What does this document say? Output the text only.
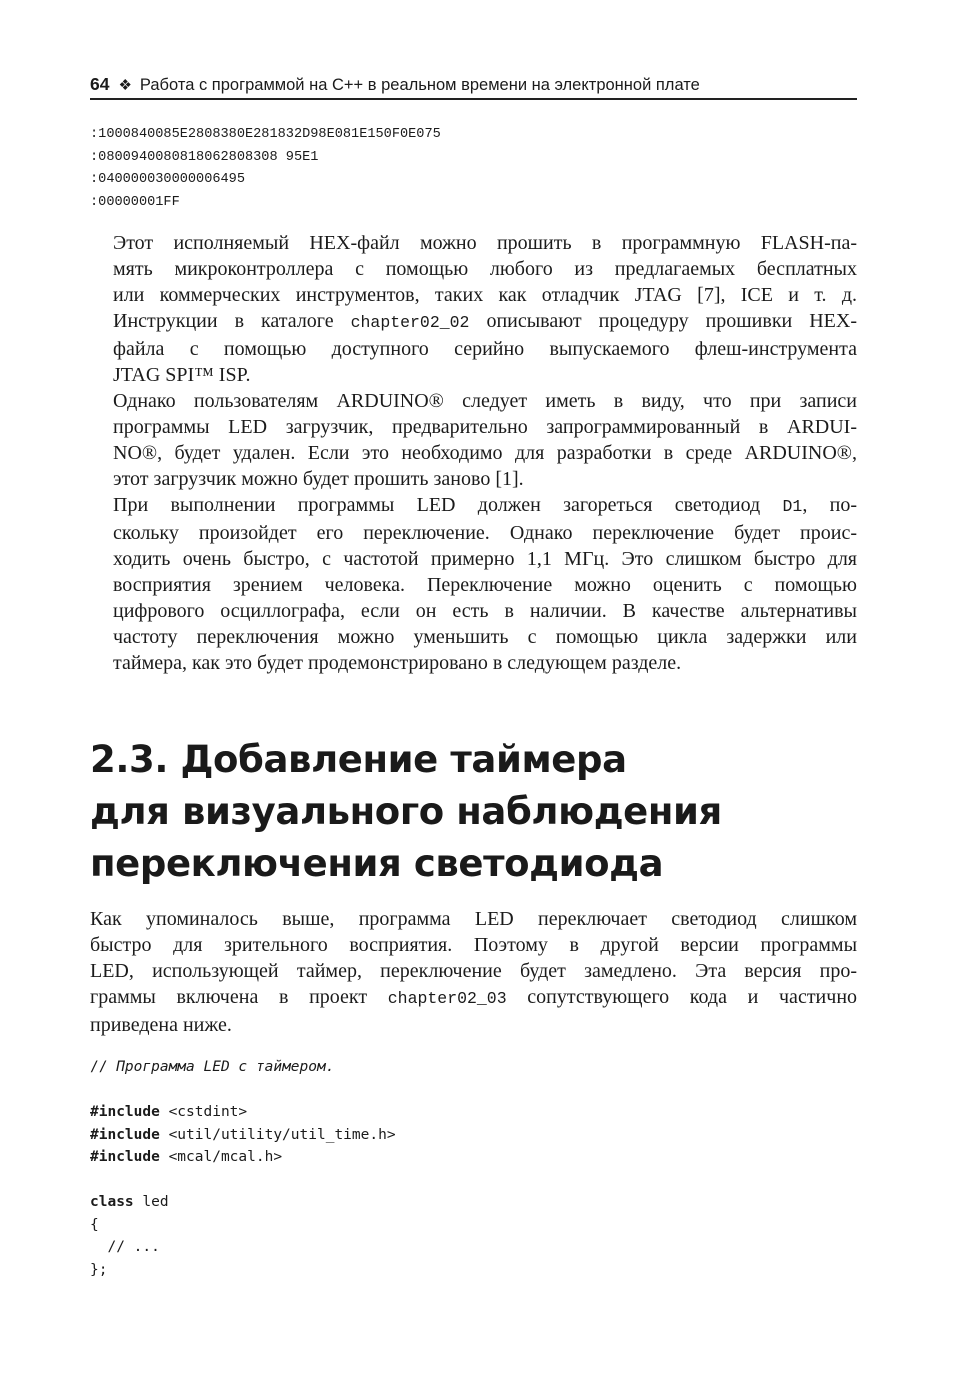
64 ❖ Работа с программой на C++ в реальном времени на электронной плате
:1000840085E2808380E281832D98E081E150F0E075
:0800940080818062808308 95E1
:040000030000006495
:00000001FF

Этот исполняемый HEX-файл можно прошить в программную FLASH-па-
мять микроконтроллера с помощью любого из предлагаемых бесплатных
или коммерческих инструментов, таких как отладчик JTAG [7], ICE и т. д.
Инструкции в каталоге chapter02_02 описывают процедуру прошивки HEX-
файла с помощью доступного серийно выпускаемого флеш-инструмента
JTAG SPI™ ISP.

Однако пользователям ARDUINO® следует иметь в виду, что при записи
программы LED загрузчик, предварительно запрограммированный в ARDUI-
NO®, будет удален. Если это необходимо для разработки в среде ARDUINO®,
этот загрузчик можно будет прошить заново [1].

При выполнении программы LED должен загореться светодиод D1, по-
скольку произойдет его переключение. Однако переключение будет проис-
ходить очень быстро, с частотой примерно 1,1 МГц. Это слишком быстро для
восприятия зрением человека. Переключение можно оценить с помощью
цифрового осциллографа, если он есть в наличии. В качестве альтернативы
частоту переключения можно уменьшить с помощью цикла задержки или
таймера, как это будет продемонстрировано в следующем разделе.

2.3. Добавление таймера
для визуального наблюдения
переключения светодиода

Как упоминалось выше, программа LED переключает светодиод слишком
быстро для зрительного восприятия. Поэтому в другой версии программы
LED, использующей таймер, переключение будет замедлено. Эта версия про-
граммы включена в проект chapter02_03 сопутствующего кода и частично
приведена ниже.

// Программа LED с таймером.
#include <cstdint>
#include <util/utility/util_time.h>
#include <mcal/mcal.h>
class led
{
// ...
};
